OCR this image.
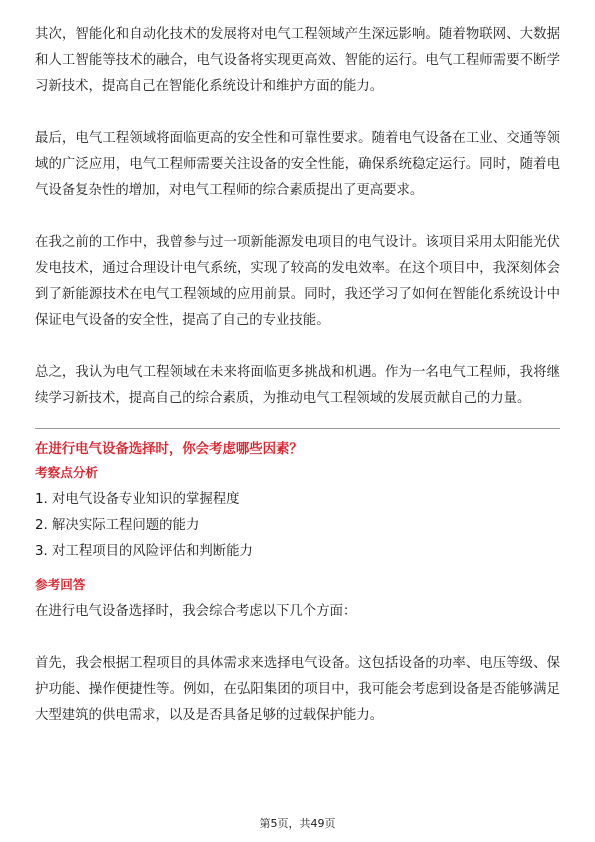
其次，智能化和自动化技术的发展将对电气工程领域产生深远影响。随着物联网、大数据和人工智能等技术的融合，电气设备将实现更高效、智能的运行。电气工程师需要不断学习新技术，提高自己在智能化系统设计和维护方面的能力。

最后，电气工程领域将面临更高的安全性和可靠性要求。随着电气设备在工业、交通等领域的广泛应用，电气工程师需要关注设备的安全性能，确保系统稳定运行。同时，随着电气设备复杂性的增加，对电气工程师的综合素质提出了更高要求。

在我之前的工作中，我曾参与过一项新能源发电项目的电气设计。该项目采用太阳能光伏发电技术，通过合理设计电气系统，实现了较高的发电效率。在这个项目中，我深刻体会到了新能源技术在电气工程领域的应用前景。同时，我还学习了如何在智能化系统设计中保证电气设备的安全性，提高了自己的专业技能。

总之，我认为电气工程领域在未来将面临更多挑战和机遇。作为一名电气工程师，我将继续学习新技术，提高自己的综合素质，为推动电气工程领域的发展贡献自己的力量。

在进行电气设备选择时，你会考虑哪些因素？
考察点分析
1. 对电气设备专业知识的掌握程度
2. 解决实际工程问题的能力
3. 对工程项目的风险评估和判断能力
参考回答

在进行电气设备选择时，我会综合考虑以下几个方面：

首先，我会根据工程项目的具体需求来选择电气设备。这包括设备的功率、电压等级、保护功能、操作便捷性等。例如，在弘阳集团的项目中，我可能会考虑到设备是否能够满足大型建筑的供电需求，以及是否具备足够的过载保护能力。

第5页，共49页
